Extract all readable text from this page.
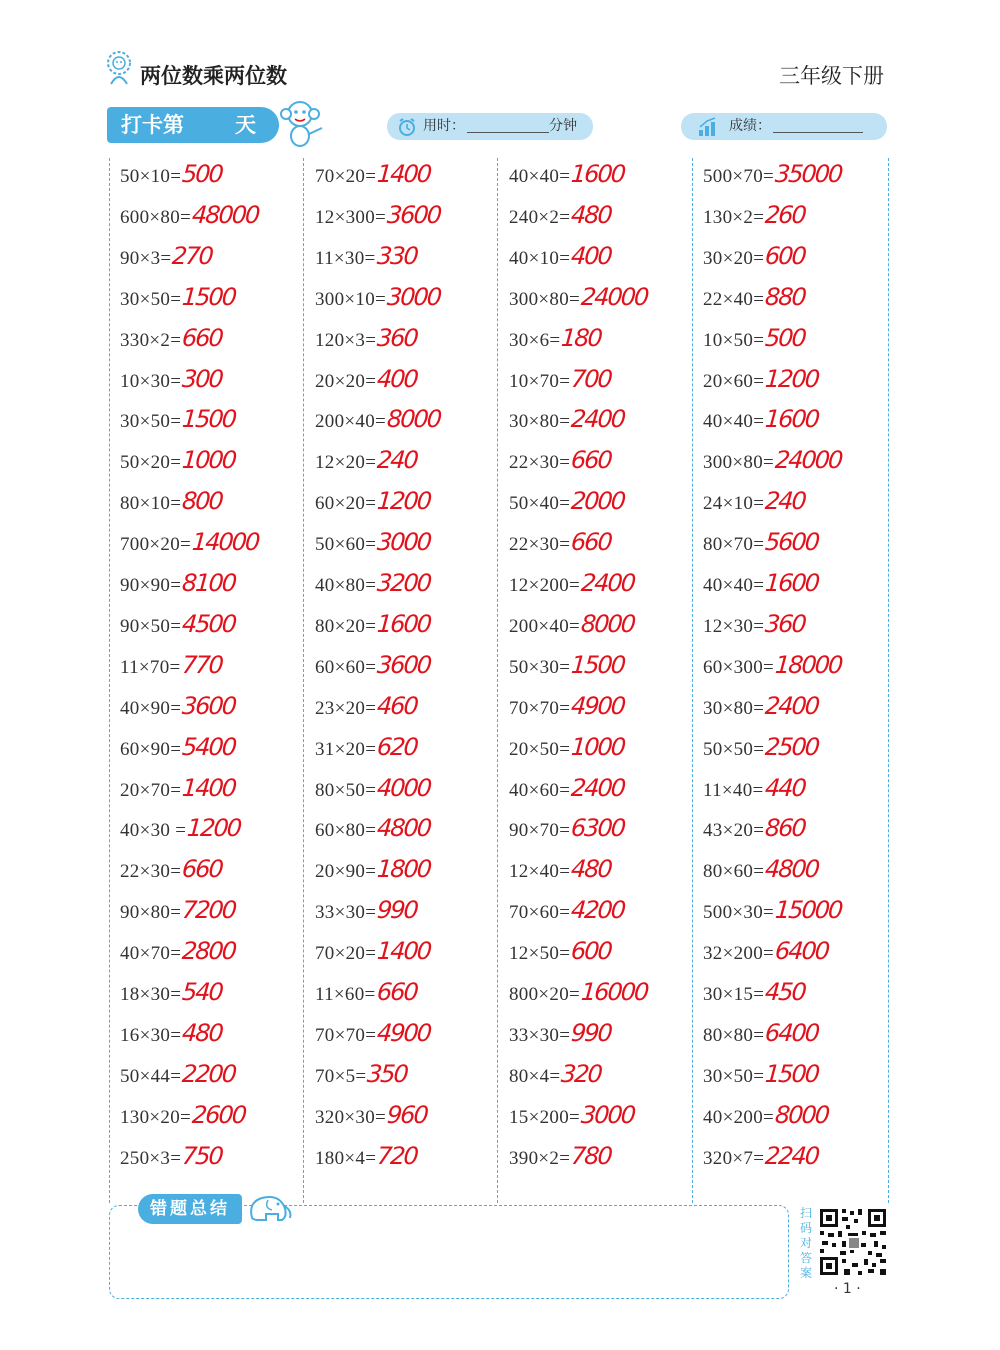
两位数乘两位数	三年级下册
打卡第 天	用时：	分钟	成绩：
50×10= 500
600×80= 48000
90×3= 270
30×50= 1500
330×2= 660
10×30= 300
30×50= 1500
50×20= 1000
80×10= 800
700×20= 14000
90×90= 8100
90×50= 4500
11×70= 770
40×90= 3600
60×90= 5400
20×70= 1400
40×30 = 1200
22×30= 660
90×80= 7200
40×70= 2800
18×30= 540
16×30= 480
50×44= 2200
130×20= 2600
250×3= 750
70×20= 1400
12×300= 3600
11×30= 330
300×10= 3000
120×3= 360
20×20= 400
200×40= 8000
12×20= 240
60×20= 1200
50×60= 3000
40×80= 3200
80×20= 1600
60×60= 3600
23×20= 460
31×20= 620
80×50= 4000
60×80= 4800
20×90= 1800
33×30= 990
70×20= 1400
11×60= 660
70×70= 4900
70×5= 350
320×30= 960
180×4= 720
40×40= 1600
240×2= 480
40×10= 400
300×80= 24000
30×6= 180
10×70= 700
30×80= 2400
22×30= 660
50×40= 2000
22×30= 660
12×200= 2400
200×40= 8000
50×30= 1500
70×70= 4900
20×50= 1000
40×60= 2400
90×70= 6300
12×40= 480
70×60= 4200
12×50= 600
800×20= 16000
33×30= 990
80×4= 320
15×200= 3000
390×2= 780
500×70= 35000
130×2= 260
30×20= 600
22×40= 880
10×50= 500
20×60= 1200
40×40= 1600
300×80= 24000
24×10= 240
80×70= 5600
40×40= 1600
12×30= 360
60×300= 18000
30×80= 2400
50×50= 2500
11×40= 440
43×20= 860
80×60= 4800
500×30= 15000
32×200= 6400
30×15= 450
80×80= 6400
30×50= 1500
40×200= 8000
320×7= 2240
错题总结	扫码对答案
· 1 ·
